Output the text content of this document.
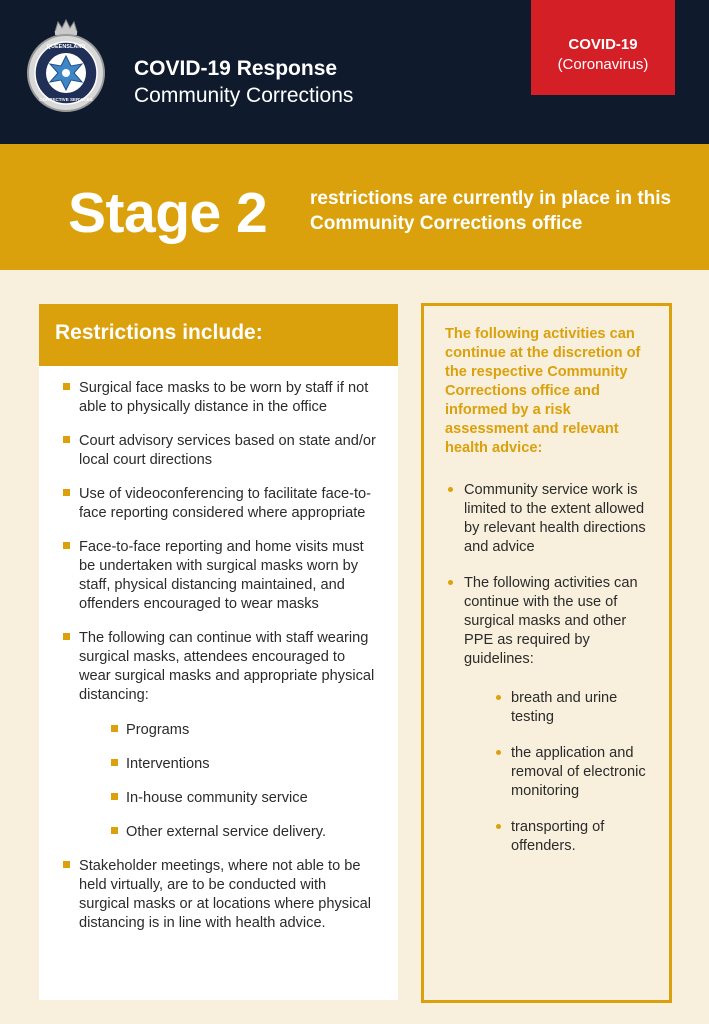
QUEENSLAND
CORRECTIVE SERVICES
COVID-19 Response
Community Corrections
COVID-19
(Coronavirus)
Stage 2 restrictions are currently in place in this Community Corrections office
Restrictions include:
Surgical face masks to be worn by staff if not able to physically distance in the office
Court advisory services based on state and/or local court directions
Use of videoconferencing to facilitate face-to-face reporting considered where appropriate
Face-to-face reporting and home visits must be undertaken with surgical masks worn by staff, physical distancing maintained, and offenders encouraged to wear masks
The following can continue with staff wearing surgical masks, attendees encouraged to wear surgical masks and appropriate physical distancing:
Programs
Interventions
In-house community service
Other external service delivery.
Stakeholder meetings, where not able to be held virtually, are to be conducted with surgical masks or at locations where physical distancing is in line with health advice.
The following activities can continue at the discretion of the respective Community Corrections office and informed by a risk assessment and relevant health advice:
Community service work is limited to the extent allowed by relevant health directions and advice
The following activities can continue with the use of surgical masks and other PPE as required by guidelines:
breath and urine testing
the application and removal of electronic monitoring
transporting of offenders.
